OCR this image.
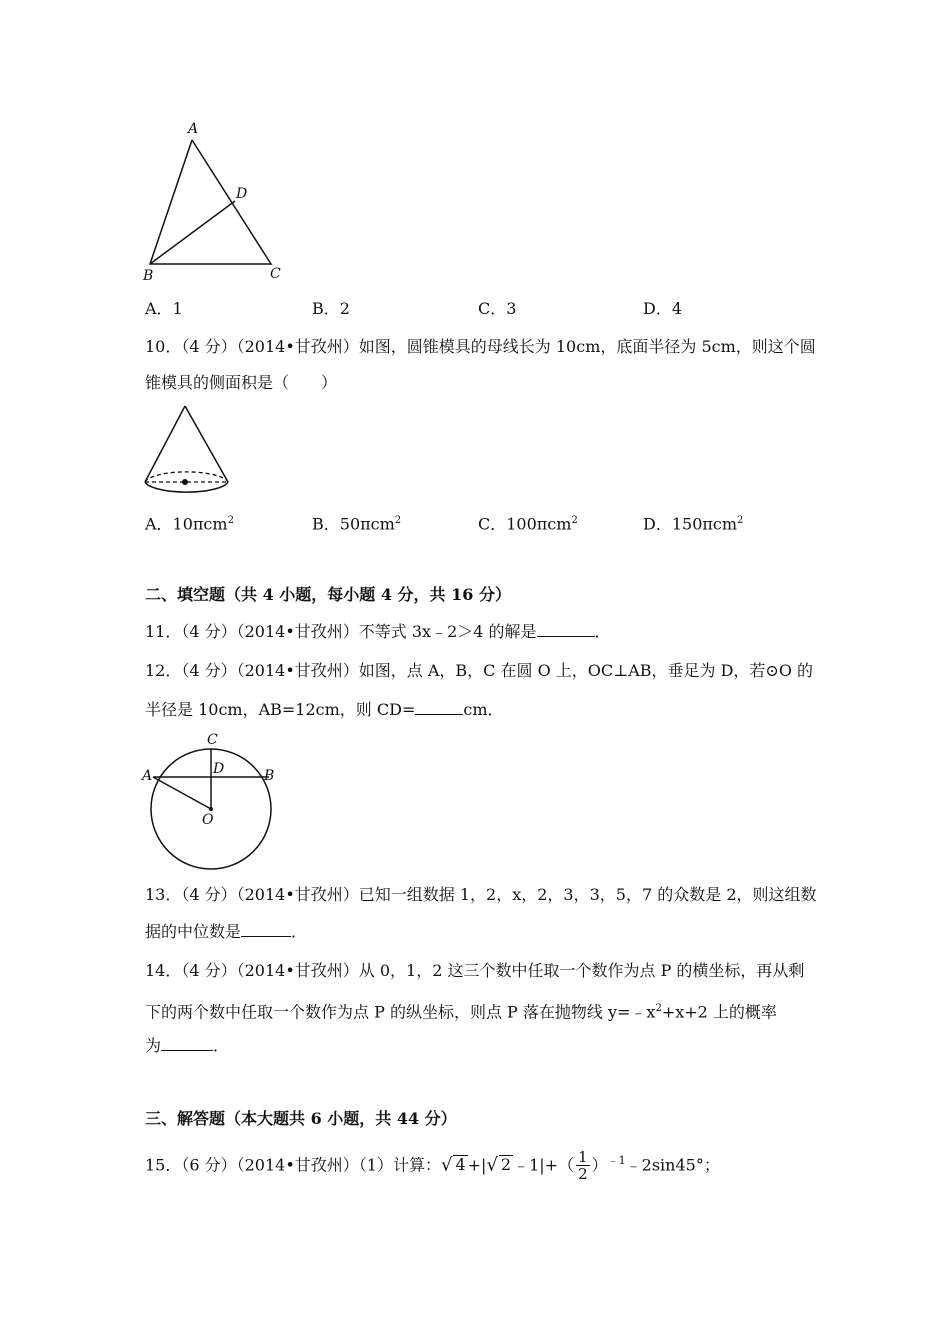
A
D
B	C
A．1	B．2	C．3	D．4
10．（4 分）（2014•甘孜州）如图，圆锥模具的母线长为 10cm，底面半径为 5cm，则这个圆
锥模具的侧面积是（　　）
A．10πcm$^2$	B．50πcm$^2$	C．100πcm$^2$	D．150πcm$^2$
二、填空题（共 4 小题，每小题 4 分，共 16 分）
11．（4 分）（2014•甘孜州）不等式 3x﹣2＞4 的解是	．
12．（4 分）（2014•甘孜州）如图，点 A，B，C 在圆 O 上，OC⊥AB，垂足为 D，若⊙O 的
半径是 10cm，AB=12cm，则 CD=	cm．
C
D
A	B
O
13．（4 分）（2014•甘孜州）已知一组数据 1，2，x，2，3，3，5，7 的众数是 2，则这组数
据的中位数是	．
14．（4 分）（2014•甘孜州）从 0，1，2 这三个数中任取一个数作为点 P 的横坐标，再从剩
下的两个数中任取一个数作为点 P 的纵坐标，则点 P 落在抛物线 $y=﹣x^2+x+2$ 上的概率
为	．
三、解答题（本大题共 6 小题，共 44 分）
15．（6 分）（2014•甘孜州）（1）计算：√ 4 +|√ 2 ﹣1|+（ $\frac{1}{2}$ ）$^{﹣1}$﹣2sin45°；
